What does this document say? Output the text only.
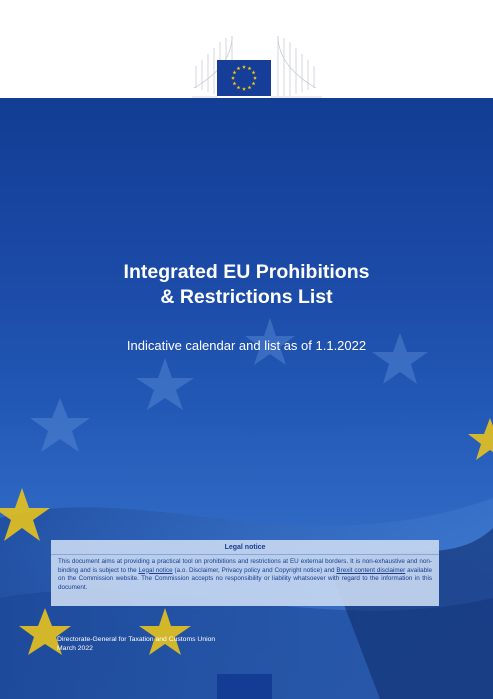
Integrated EU Prohibitions
& Restrictions List
Indicative calendar and list as of 1.1.2022
Legal notice
This document aims at providing a practical tool on prohibitions and restrictions at EU external borders. It is non-exhaustive and non-binding and is subject to the Legal notice (a.o. Disclaimer, Privacy policy and Copyright notice) and Brexit content disclaimer available on the Commission website. The Commission accepts no responsibility or liability whatsoever with regard to the information in this document.
Directorate-General for Taxation and Customs Union
March 2022
